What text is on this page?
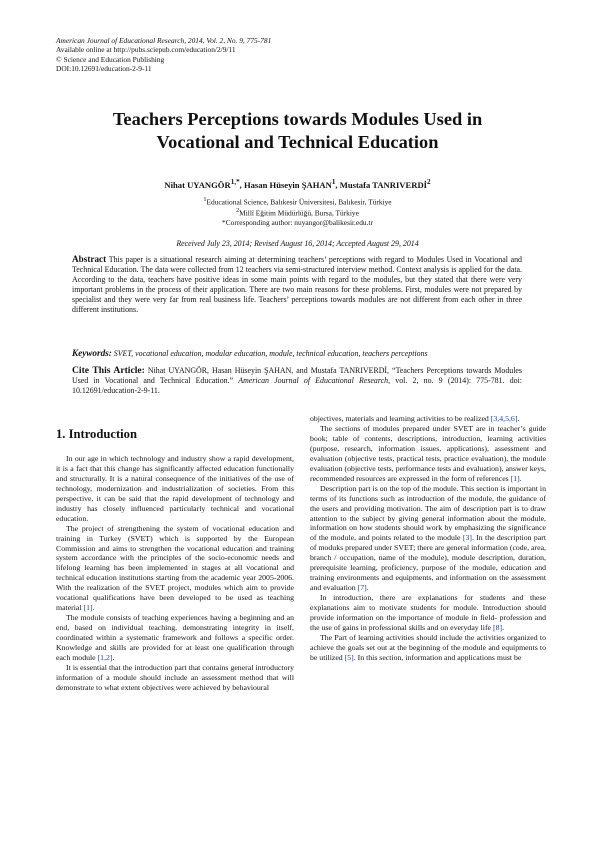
American Journal of Educational Research, 2014, Vol. 2, No. 9, 775-781
Available online at http://pubs.sciepub.com/education/2/9/11
© Science and Education Publishing
DOI:10.12691/education-2-9-11
Teachers Perceptions towards Modules Used in
Vocational and Technical Education
Nihat $UYANGÖR^{1,*}$, Hasan Hüseyin ŞAHAN$^1$, Mustafa TANRIVERDİ$^2$
$^1$Educational Science, Balıkesir Üniversitesi, Balıkesir, Türkiye
$^2$Millî Eğitim Müdürlüğü, Bursa, Türkiye
*Corresponding author: nuyangor@balikesir.edu.tr
Received July 23, 2014; Revised August 16, 2014; Accepted August 29, 2014
Abstract This paper is a situational research aiming at determining teachers’ perceptions with regard to Modules Used in Vocational and Technical Education. The data were collected from 12 teachers via semi-structured interview method. Context analysis is applied for the data. According to the data, teachers have positive ideas in some main points with regard to the modules, but they stated that there were very important problems in the process of their application. There are two main reasons for these problems. First, modules were not prepared by specialist and they were very far from real business life. Teachers’ perceptions towards modules are not different from each other in three different institutions.
Keywords: SVET, vocational education, modular education, module, technical education, teachers perceptions
Cite This Article: Nihat UYANGÖR, Hasan Hüseyin ŞAHAN, and Mustafa TANRIVERDİ, “Teachers Perceptions towards Modules Used in Vocational and Technical Education.” American Journal of Educational Research, vol. 2, no. 9 (2014): 775-781. doi: 10.12691/education-2-9-11.
1. Introduction

In our age in which technology and industry show a rapid development, it is a fact that this change has significantly affected education functionally and structurally. It is a natural consequence of the initiatives of the use of technology, modernization and industrialization of societies. From this perspective, it can be said that the rapid development of technology and industry has closely influenced particularly technical and vocational education.

The project of strengthening the system of vocational education and training in Turkey (SVET) which is supported by the European Commission and aims to strengthen the vocational education and training system accordance with the principles of the socio-economic needs and lifelong learning has been implemented in stages at all vocational and technical education institutions starting from the academic year 2005-2006. With the realization of the SVET project, modules which aim to provide vocational qualifications have been developed to be used as teaching material [1].

The module consists of teaching experiences having a beginning and an end, based on individual teaching, demonstrating integrity in itself, coordinated within a systematic framework and follows a specific order. Knowledge and skills are provided for at least one qualification through each module [1,2].

It is essential that the introduction part that contains general introductory information of a module should include an assessment method that will demonstrate to what extent objectives were achieved by behavioural

objectives, materials and learning activities to be realized [3,4,5,6].

The sections of modules prepared under SVET are in teacher’s guide book; table of contents, descriptions, introduction, learning activities (purpose, research, information issues, applications), assessment and evaluation (objective tests, practical tests, practice evaluation), the module evaluation (objective tests, performance tests and evaluation), answer keys, recommended resources are expressed in the form of references [1].

Description part is on the top of the module. This section is important in terms of its functions such as introduction of the module, the guidance of the users and providing motivation. The aim of description part is to draw attention to the subject by giving general information about the module, information on how students should work by emphasizing the significance of the module, and points related to the module [3]. In the description part of moduks prepared under SVET; there are general information (code, area, branch / occupation, name of the module), module description, duration, prerequisite learning, proficiency, purpose of the module, education and training environments and equipments, and information on the assessment and evaluation [7].

In introduction, there are explanations for students and these explanations aim to motivate students for module. Introduction should provide information on the importance of module in field- profession and the use of gains in professional skills and on everyday life [8].

The Part of learning activities should include the activities organized to achieve the goals set out at the beginning of the module and equipments to be utilized [5]. In this section, information and applications must be
